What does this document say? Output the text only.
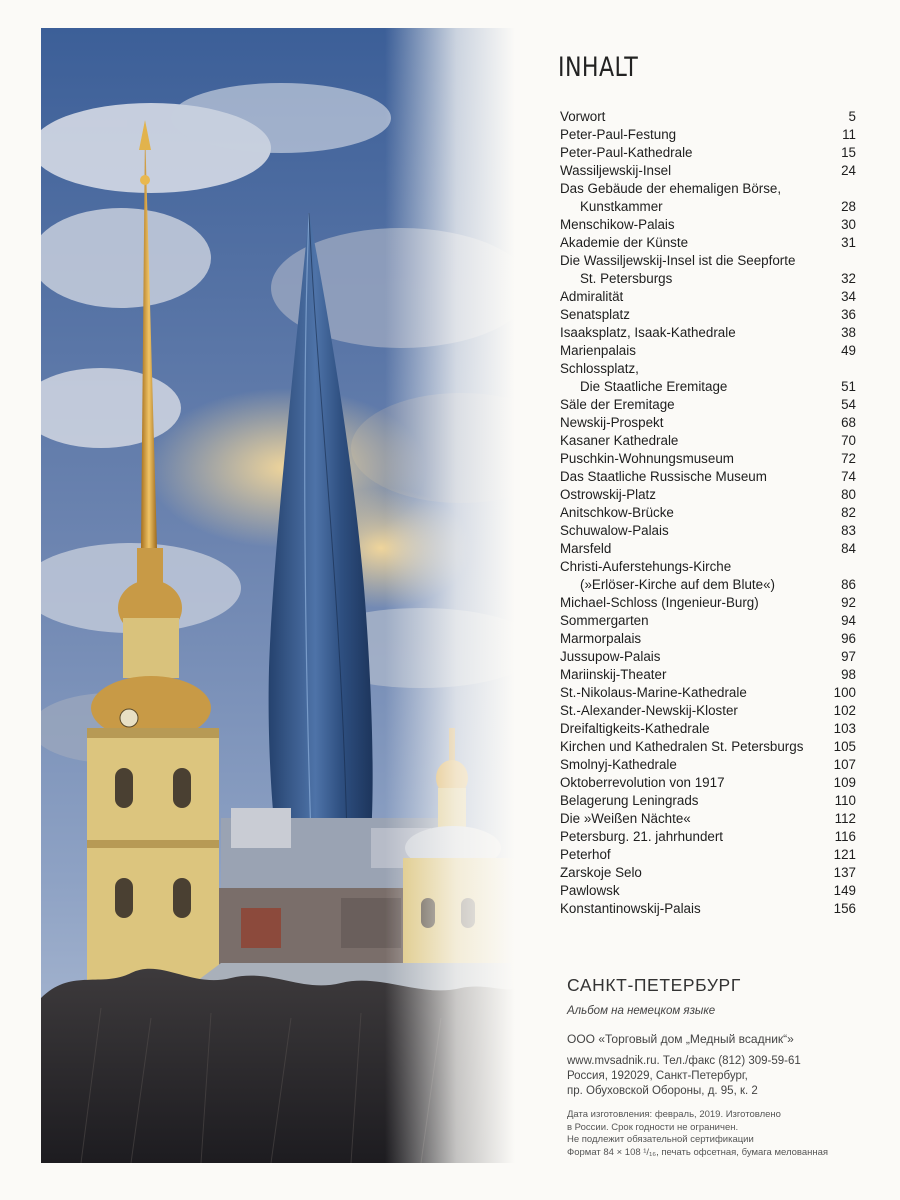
INHALT
Vorwort	5
Peter-Paul-Festung	11
Peter-Paul-Kathedrale	15
Wassiljewskij-Insel	24
Das Gebäude der ehemaligen Börse,
Kunstkammer	28
Menschikow-Palais	30
Akademie der Künste	31
Die Wassiljewskij-Insel ist die Seepforte
St. Petersburgs	32
Admiralität	34
Senatsplatz	36
Isaaksplatz, Isaak-Kathedrale	38
Marienpalais	49
Schlossplatz,
Die Staatliche Eremitage	51
Säle der Eremitage	54
Newskij-Prospekt	68
Kasaner Kathedrale	70
Puschkin-Wohnungsmuseum	72
Das Staatliche Russische Museum	74
Ostrowskij-Platz	80
Anitschkow-Brücke	82
Schuwalow-Palais	83
Marsfeld	84
Christi-Auferstehungs-Kirche
(»Erlöser-Kirche auf dem Blute«)	86
Michael-Schloss (Ingenieur-Burg)	92
Sommergarten	94
Marmorpalais	96
Jussupow-Palais	97
Mariinskij-Theater	98
St.-Nikolaus-Marine-Kathedrale	100
St.-Alexander-Newskij-Kloster	102
Dreifaltigkeits-Kathedrale	103
Kirchen und Kathedralen St. Petersburgs	105
Smolnyj-Kathedrale	107
Oktoberrevolution von 1917	109
Belagerung Leningrads	110
Die »Weißen Nächte«	112
Petersburg. 21. jahrhundert	116
Peterhof	121
Zarskoje Selo	137
Pawlowsk	149
Konstantinowskij-Palais	156
САНКТ-ПЕТЕРБУРГ
Альбом на немецком языке
ООО «Торговый дом „Медный всадник“»
www.mvsadnik.ru. Тел./факс (812) 309-59-61
Россия, 192029, Санкт-Петербург,
пр. Обуховской Обороны, д. 95, к. 2
Дата изготовления: февраль, 2019. Изготовлено
в России. Срок годности не ограничен.
Не подлежит обязательной сертификации
Формат 84 × 108 ¹/₁₆, печать офсетная, бумага мелованная
